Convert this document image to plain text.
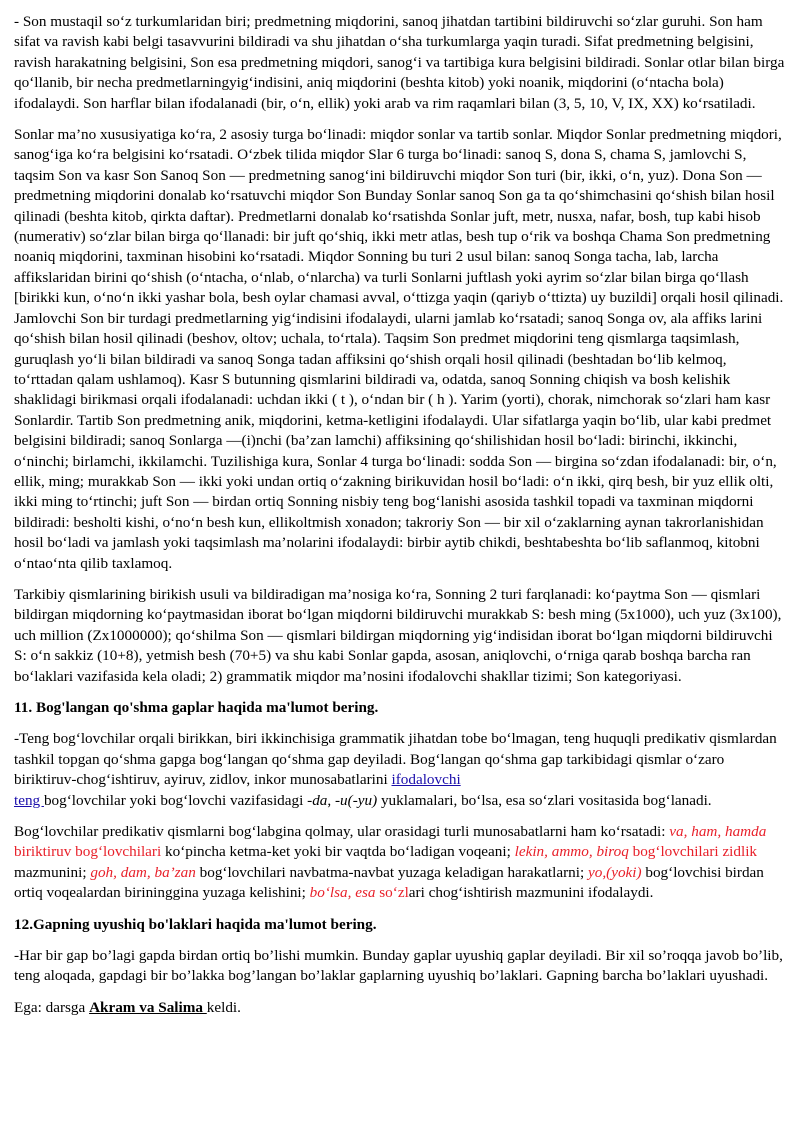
- Son mustaqil so‘z turkumlaridan biri; predmetning miqdorini, sanoq jihatdan tartibini bildiruvchi so‘zlar guruhi. Son ham sifat va ravish kabi belgi tasavvurini bildiradi va shu jihatdan o‘sha turkumlarga yaqin turadi. Sifat predmetning belgisini, ravish harakatning belgisini, Son esa predmetning miqdori, sanog‘i va tartibiga kura belgisini bildiradi. Sonlar otlar bilan birga qo‘llanib, bir necha predmetlarningyig‘indisini, aniq miqdorini (beshta kitob) yoki noanik, miqdorini (o‘ntacha bola) ifodalaydi. Son harflar bilan ifodalanadi (bir, o‘n, ellik) yoki arab va rim raqamlari bilan (3, 5, 10, V, IX, XX) ko‘rsatiladi.

Sonlar ma’no xususiyatiga ko‘ra, 2 asosiy turga bo‘linadi: miqdor sonlar va tartib sonlar. Miqdor Sonlar predmetning miqdori, sanog‘iga ko‘ra belgisini ko‘rsatadi. O‘zbek tilida miqdor Slar 6 turga bo‘linadi: sanoq S, dona S, chama S, jamlovchi S, taqsim Son va kasr Son Sanoq Son — predmetning sanog‘ini bildiruvchi miqdor Son turi (bir, ikki, o‘n, yuz). Dona Son — predmetning miqdorini donalab ko‘rsatuvchi miqdor Son Bunday Sonlar sanoq Son ga ta qo‘shimchasini qo‘shish bilan hosil qilinadi (beshta kitob, qirkta daftar). Predmetlarni donalab ko‘rsatishda Sonlar juft, metr, nusxa, nafar, bosh, tup kabi hisob (numerativ) so‘zlar bilan birga qo‘llanadi: bir juft qo‘shiq, ikki metr atlas, besh tup o‘rik va boshqa Chama Son predmetning noaniq miqdorini, taxminan hisobini ko‘rsatadi. Miqdor Sonning bu turi 2 usul bilan: sanoq Songa tacha, lab, larcha affikslaridan birini qo‘shish (o‘ntacha, o‘nlab, o‘nlarcha) va turli Sonlarni juftlash yoki ayrim so‘zlar bilan birga qo‘llash [birikki kun, o‘no‘n ikki yashar bola, besh oylar chamasi avval, o‘ttizga yaqin (qariyb o‘ttizta) uy buzildi] orqali hosil qilinadi. Jamlovchi Son bir turdagi predmetlarning yig‘indisini ifodalaydi, ularni jamlab ko‘rsatadi; sanoq Songa ov, ala affiks larini qo‘shish bilan hosil qilinadi (beshov, oltov; uchala, to‘rtala). Taqsim Son predmet miqdorini teng qismlarga taqsimlash, guruqlash yo‘li bilan bildiradi va sanoq Songa tadan affiksini qo‘shish orqali hosil qilinadi (beshtadan bo‘lib kelmoq, to‘rttadan qalam ushlamoq). Kasr S butunning qismlarini bildiradi va, odatda, sanoq Sonning chiqish va bosh kelishik shaklidagi birikmasi orqali ifodalanadi: uchdan ikki ( t ), o‘ndan bir ( h ). Yarim (yorti), chorak, nimchorak so‘zlari ham kasr Sonlardir. Tartib Son predmetning anik, miqdorini, ketma-ketligini ifodalaydi. Ular sifatlarga yaqin bo‘lib, ular kabi predmet belgisini bildiradi; sanoq Sonlarga —(i)nchi (ba’zan lamchi) affiksining qo‘shilishidan hosil bo‘ladi: birinchi, ikkinchi, o‘ninchi; birlamchi, ikkilamchi. Tuzilishiga kura, Sonlar 4 turga bo‘linadi: sodda Son — birgina so‘zdan ifodalanadi: bir, o‘n, ellik, ming; murakkab Son — ikki yoki undan ortiq o‘zakning birikuvidan hosil bo‘ladi: o‘n ikki, qirq besh, bir yuz ellik olti, ikki ming to‘rtinchi; juft Son — birdan ortiq Sonning nisbiy teng bog‘lanishi asosida tashkil topadi va taxminan miqdorni bildiradi: besholti kishi, o‘no‘n besh kun, ellikoltmish xonadon; takroriy Son — bir xil o‘zaklarning aynan takrorlanishidan hosil bo‘ladi va jamlash yoki taqsimlash ma’nolarini ifodalaydi: birbir aytib chikdi, beshtabeshta bo‘lib saflanmoq, kitobni o‘ntao‘nta qilib taxlamoq.

Tarkibiy qismlarining birikish usuli va bildiradigan ma’nosiga ko‘ra, Sonning 2 turi farqlanadi: ko‘paytma Son — qismlari bildirgan miqdorning ko‘paytmasidan iborat bo‘lgan miqdorni bildiruvchi murakkab S: besh ming (5x1000), uch yuz (3x100), uch million (Zx1000000); qo‘shilma Son — qismlari bildirgan miqdorning yig‘indisidan iborat bo‘lgan miqdorni bildiruvchi S: o‘n sakkiz (10+8), yetmish besh (70+5) va shu kabi Sonlar gapda, asosan, aniqlovchi, o‘rniga qarab boshqa barcha ran bo‘laklari vazifasida kela oladi; 2) grammatik miqdor ma’nosini ifodalovchi shakllar tizimi; Son kategoriyasi.

11. Bog'langan qo'shma gaplar haqida ma'lumot bering.

-Teng bog‘lovchilar orqali birikkan, biri ikkinchisiga grammatik jihatdan tobe bo‘lmagan, teng huquqli predikativ qismlardan tashkil topgan qo‘shma gapga bog‘langan qo‘shma gap deyiladi. Bog‘langan qo‘shma gap tarkibidagi qismlar o‘zaro biriktiruv-chog‘ishtiruv, ayiruv, zidlov, inkor munosabatlarini ifodalovchi
teng bog‘lovchilar yoki bog‘lovchi vazifasidagi -da, -u(-yu) yuklamalari, bo‘lsa, esa so‘zlari vositasida bog‘lanadi.

Bog‘lovchilar predikativ qismlarni bog‘labgina qolmay, ular orasidagi turli munosabatlarni ham ko‘rsatadi: va, ham, hamda biriktiruv bog‘lovchilari ko‘pincha ketma-ket yoki bir vaqtda bo‘ladigan voqeani; lekin, ammo, biroq bog‘lovchilari zidlik mazmunini; goh, dam, ba’zan bog‘lovchilari navbatma-navbat yuzaga keladigan harakatlarni; yo,(yoki) bog‘lovchisi birdan ortiq voqealardan birininggina yuzaga kelishini; bo‘lsa, esa so‘zlari chog‘ishtirish mazmunini ifodalaydi.

12.Gapning uyushiq bo'laklari haqida ma'lumot bering.

-Har bir gap bo’lagi gapda birdan ortiq bo’lishi mumkin. Bunday gaplar uyushiq gaplar deyiladi. Bir xil so’roqqa javob bo’lib, teng aloqada, gapdagi bir bo’lakka bog’langan bo’laklar gaplarning uyushiq bo’laklari. Gapning barcha bo’laklari uyushadi.

Ega: darsga Akram va Salima keldi.
